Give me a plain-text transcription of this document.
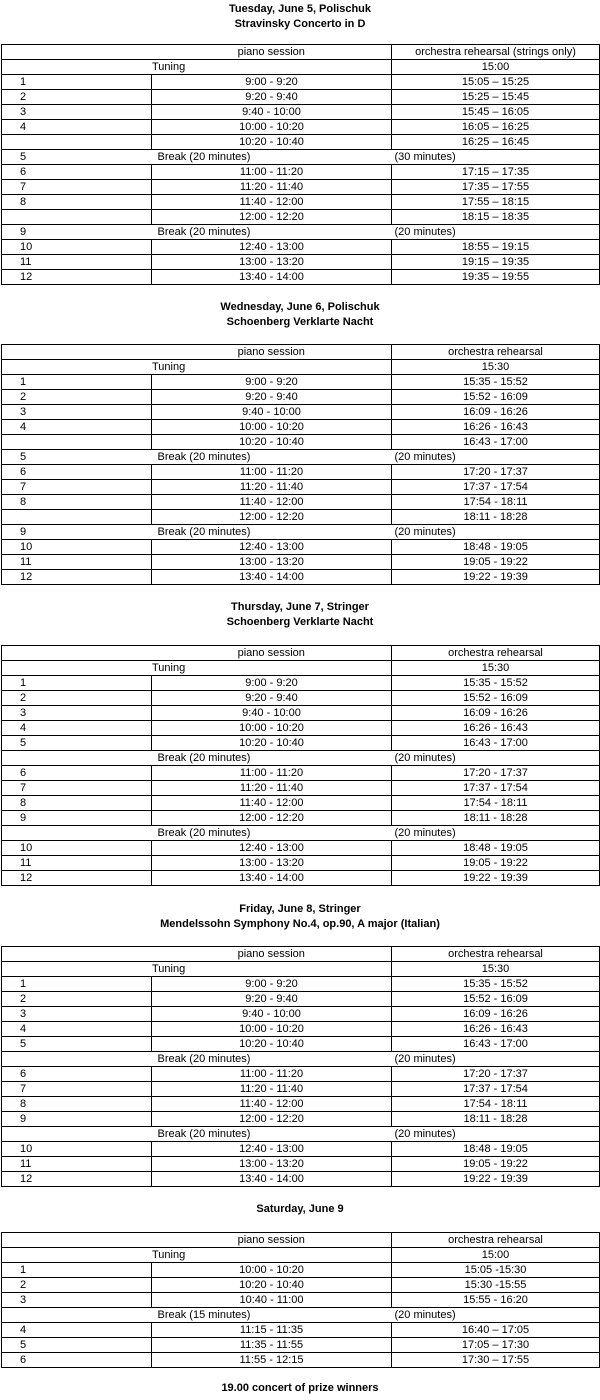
Tuesday, June 5, Polischuk
Stravinsky Concerto in D
	piano session	orchestra rehearsal (strings only)
Tuning		15:00
1	9:00 - 9:20	15:05 – 15:25
2	9:20 - 9:40	15:25 – 15:45
3	9:40 - 10:00	15:45 – 16:05
4	10:00 - 10:20	16:05 – 16:25
	10:20 - 10:40	16:25 – 16:45
5	Break (20 minutes)	(30 minutes)
6	11:00 - 11:20	17:15 – 17:35
7	11:20 - 11:40	17:35 – 17:55
8	11:40 - 12:00	17:55 – 18:15
	12:00 - 12:20	18:15 – 18:35
9	Break (20 minutes)	(20 minutes)
10	12:40 - 13:00	18:55 – 19:15
11	13:00 - 13:20	19:15 – 19:35
12	13:40 - 14:00	19:35 – 19:55
Wednesday, June 6, Polischuk
Schoenberg Verklarte Nacht
	piano session	orchestra rehearsal
Tuning		15:30
1	9:00 - 9:20	15:35 - 15:52
2	9:20 - 9:40	15:52 - 16:09
3	9:40 - 10:00	16:09 - 16:26
4	10:00 - 10:20	16:26 - 16:43
	10:20 - 10:40	16:43 - 17:00
5	Break (20 minutes)	(20 minutes)
6	11:00 - 11:20	17:20 - 17:37
7	11:20 - 11:40	17:37 - 17:54
8	11:40 - 12:00	17:54 - 18:11
	12:00 - 12:20	18:11 - 18:28
9	Break (20 minutes)	(20 minutes)
10	12:40 - 13:00	18:48 - 19:05
11	13:00 - 13:20	19:05 - 19:22
12	13:40 - 14:00	19:22 - 19:39
Thursday, June 7, Stringer
Schoenberg Verklarte Nacht
	piano session	orchestra rehearsal
Tuning		15:30
1	9:00 - 9:20	15:35 - 15:52
2	9:20 - 9:40	15:52 - 16:09
3	9:40 - 10:00	16:09 - 16:26
4	10:00 - 10:20	16:26 - 16:43
5	10:20 - 10:40	16:43 - 17:00
	Break (20 minutes)	(20 minutes)
6	11:00 - 11:20	17:20 - 17:37
7	11:20 - 11:40	17:37 - 17:54
8	11:40 - 12:00	17:54 - 18:11
9	12:00 - 12:20	18:11 - 18:28
	Break (20 minutes)	(20 minutes)
10	12:40 - 13:00	18:48 - 19:05
11	13:00 - 13:20	19:05 - 19:22
12	13:40 - 14:00	19:22 - 19:39
Friday, June 8, Stringer
Mendelssohn Symphony No.4, op.90, A major (Italian)
	piano session	orchestra rehearsal
Tuning		15:30
1	9:00 - 9:20	15:35 - 15:52
2	9:20 - 9:40	15:52 - 16:09
3	9:40 - 10:00	16:09 - 16:26
4	10:00 - 10:20	16:26 - 16:43
5	10:20 - 10:40	16:43 - 17:00
	Break (20 minutes)	(20 minutes)
6	11:00 - 11:20	17:20 - 17:37
7	11:20 - 11:40	17:37 - 17:54
8	11:40 - 12:00	17:54 - 18:11
9	12:00 - 12:20	18:11 - 18:28
	Break (20 minutes)	(20 minutes)
10	12:40 - 13:00	18:48 - 19:05
11	13:00 - 13:20	19:05 - 19:22
12	13:40 - 14:00	19:22 - 19:39
Saturday, June 9
	piano session	orchestra rehearsal
Tuning		15:00
1	10:00 - 10:20	15:05 -15:30
2	10:20 - 10:40	15:30 -15:55
3	10:40 - 11:00	15:55 - 16:20
	Break (15 minutes)	(20 minutes)
4	11:15 - 11:35	16:40 – 17:05
5	11:35 - 11:55	17:05 – 17:30
6	11:55 - 12:15	17:30 – 17:55
19.00 concert of prize winners
